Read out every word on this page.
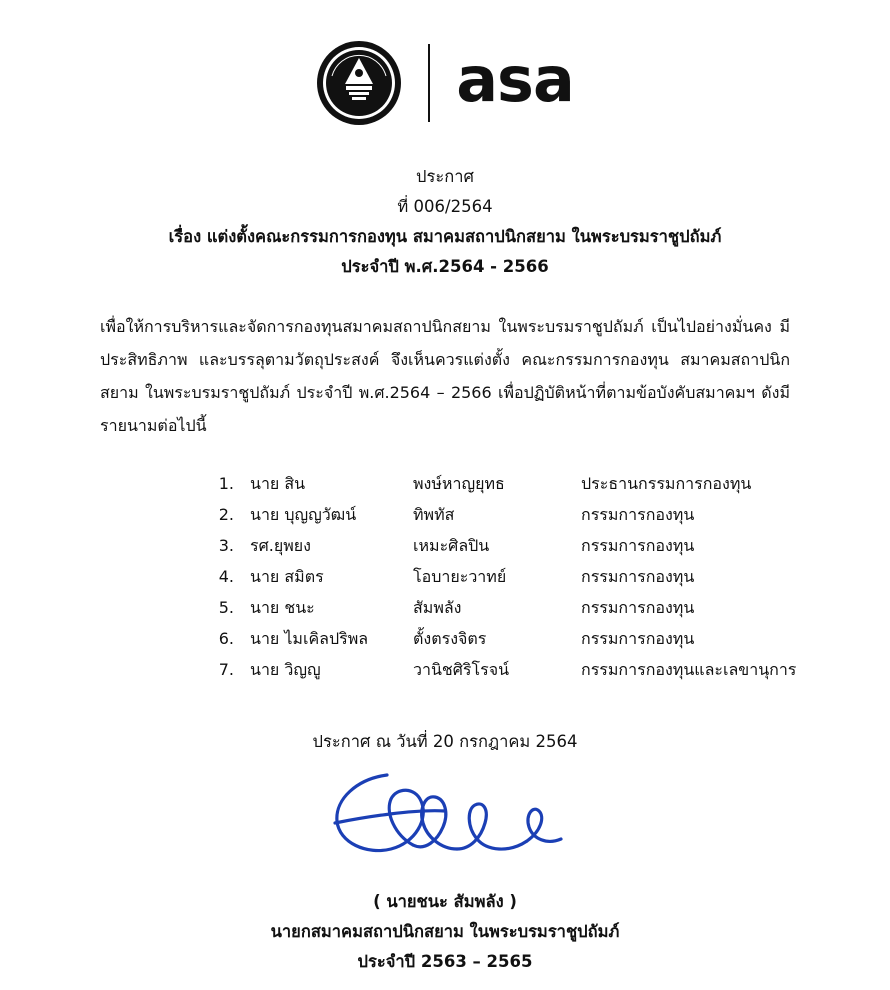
asa
ประกาศ
ที่ 006/2564
เรื่อง แต่งตั้งคณะกรรมการกองทุน สมาคมสถาปนิกสยาม ในพระบรมราชูปถัมภ์
ประจำปี พ.ศ.2564 - 2566

เพื่อให้การบริหารและจัดการกองทุนสมาคมสถาปนิกสยาม ในพระบรมราชูปถัมภ์ เป็นไปอย่างมั่นคง มีประสิทธิภาพ และบรรลุตามวัตถุประสงค์ จึงเห็นควรแต่งตั้ง คณะกรรมการกองทุน สมาคมสถาปนิกสยาม ในพระบรมราชูปถัมภ์ ประจำปี พ.ศ.2564 – 2566 เพื่อปฏิบัติหน้าที่ตามข้อบังคับสมาคมฯ ดังมีรายนามต่อไปนี้

1.	นาย สิน	พงษ์หาญยุทธ	ประธานกรรมการกองทุน
2.	นาย บุญญวัฒน์	ทิพทัส	กรรมการกองทุน
3.	รศ.ยุพยง	เหมะศิลปิน	กรรมการกองทุน
4.	นาย สมิตร	โอบายะวาทย์	กรรมการกองทุน
5.	นาย ชนะ	สัมพลัง	กรรมการกองทุน
6.	นาย ไมเคิลปริพล	ตั้งตรงจิตร	กรรมการกองทุน
7.	นาย วิญญู	วานิชศิริโรจน์	กรรมการกองทุนและเลขานุการ
ประกาศ ณ วันที่ 20 กรกฎาคม 2564
( นายชนะ สัมพลัง )
นายกสมาคมสถาปนิกสยาม ในพระบรมราชูปถัมภ์
ประจำปี 2563 – 2565
